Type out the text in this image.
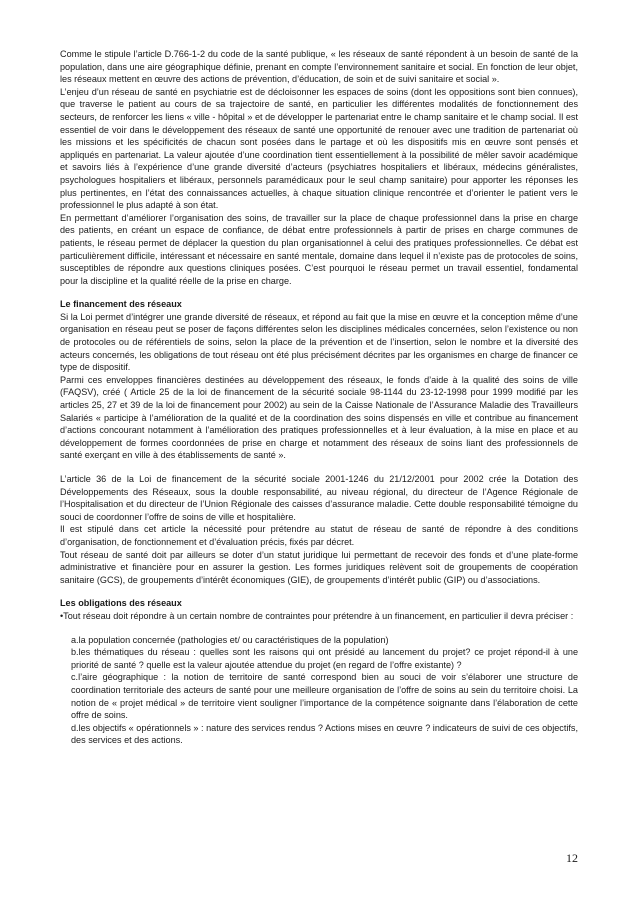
Comme le stipule l’article D.766-1-2 du code de la santé publique, « les réseaux de santé répondent à un besoin de santé de la population, dans une aire géographique définie, prenant en compte l’environnement sanitaire et social. En fonction de leur objet, les réseaux mettent en œuvre des actions de prévention, d’éducation, de soin et de suivi sanitaire et social ».

L’enjeu d’un réseau de santé en psychiatrie est de décloisonner les espaces de soins (dont les oppositions sont bien connues), que traverse le patient au cours de sa trajectoire de santé, en particulier les différentes modalités de fonctionnement des secteurs, de renforcer les liens « ville - hôpital » et de développer le partenariat entre le champ sanitaire et le champ social. Il est essentiel de voir dans le développement des réseaux de santé une opportunité de renouer avec une tradition de partenariat où les missions et les spécificités de chacun sont posées dans le partage et où les dispositifs mis en œuvre sont pensés et appliqués en partenariat. La valeur ajoutée d’une coordination tient essentiellement à la possibilité de mêler savoir académique et savoirs liés à l’expérience d’une grande diversité d’acteurs (psychiatres hospitaliers et libéraux, médecins généralistes, psychologues hospitaliers et libéraux, personnels paramédicaux pour le seul champ sanitaire) pour apporter les réponses les plus pertinentes, en l’état des connaissances actuelles, à chaque situation clinique rencontrée et d’orienter le patient vers le professionnel le plus adapté à son état.

En permettant d’améliorer l’organisation des soins, de travailler sur la place de chaque professionnel dans la prise en charge des patients, en créant un espace de confiance, de débat entre professionnels à partir de prises en charge communes de patients, le réseau permet de déplacer la question du plan organisationnel à celui des pratiques professionnelles. Ce débat est particulièrement difficile, intéressant et nécessaire en santé mentale, domaine dans lequel il n’existe pas de protocoles de soins, susceptibles de répondre aux questions cliniques posées. C’est pourquoi le réseau permet un travail essentiel, fondamental pour la discipline et la qualité réelle de la prise en charge.

Le financement des réseaux

Si la Loi permet d’intégrer une grande diversité de réseaux, et répond au fait que la mise en œuvre et la conception même d’une organisation en réseau peut se poser de façons différentes selon les disciplines médicales concernées, selon l’existence ou non de protocoles ou de référentiels de soins, selon la place de la prévention et de l’insertion, selon le nombre et la diversité des acteurs concernés, les obligations de tout réseau ont été plus précisément décrites par les organismes en charge de financer ce type de dispositif.

Parmi ces enveloppes financières destinées au développement des réseaux, le fonds d’aide à la qualité des soins de ville (FAQSV), créé ( Article 25 de la loi de financement de la sécurité sociale 98-1144 du 23-12-1998 pour 1999 modifié par les articles 25, 27 et 39 de la loi de financement pour 2002) au sein de la Caisse Nationale de l’Assurance Maladie des Travailleurs Salariés « participe à l’amélioration de la qualité et de la coordination des soins dispensés en ville et contribue au financement d’actions concourant notamment à l’amélioration des pratiques professionnelles et à leur évaluation, à la mise en place et au développement de formes coordonnées de prise en charge et notamment des réseaux de soins liant des professionnels de santé exerçant en ville à des établissements de santé ».

L’article 36 de la Loi de financement de la sécurité sociale 2001-1246 du 21/12/2001 pour 2002 crée la Dotation des Développements des Réseaux, sous la double responsabilité, au niveau régional, du directeur de l’Agence Régionale de l’Hospitalisation et du directeur de l’Union Régionale des caisses d’assurance maladie. Cette double responsabilité témoigne du souci de coordonner l’offre de soins de ville et hospitalière.

Il est stipulé dans cet article la nécessité pour prétendre au statut de réseau de santé de répondre à des conditions d’organisation, de fonctionnement et d’évaluation précis, fixés par décret.

Tout réseau de santé doit par ailleurs se doter d’un statut juridique lui permettant de recevoir des fonds et d’une plate-forme administrative et financière pour en assurer la gestion. Les formes juridiques relèvent soit de groupements de coopération sanitaire (GCS), de groupements d’intérêt économiques (GIE), de groupements d’intérêt public (GIP) ou d’associations.

Les obligations des réseaux

•Tout réseau doit répondre à un certain nombre de contraintes pour prétendre à un financement, en particulier il devra préciser :

a.la population concernée (pathologies et/ ou caractéristiques de la population)

b.les thématiques du réseau : quelles sont les raisons qui ont présidé au lancement du projet? ce projet répond-il à une priorité de santé ? quelle est la valeur ajoutée attendue du projet (en regard de l’offre existante) ?

c.l’aire géographique : la notion de territoire de santé correspond bien au souci de voir s’élaborer une structure de coordination territoriale des acteurs de santé pour une meilleure organisation de l’offre de soins au sein du territoire choisi. La notion de « projet médical » de territoire vient souligner l’importance de la compétence soignante dans l’élaboration de cette offre de soins.

d.les objectifs « opérationnels » : nature des services rendus ? Actions mises en œuvre ? indicateurs de suivi de ces objectifs, des services et des actions.

12
